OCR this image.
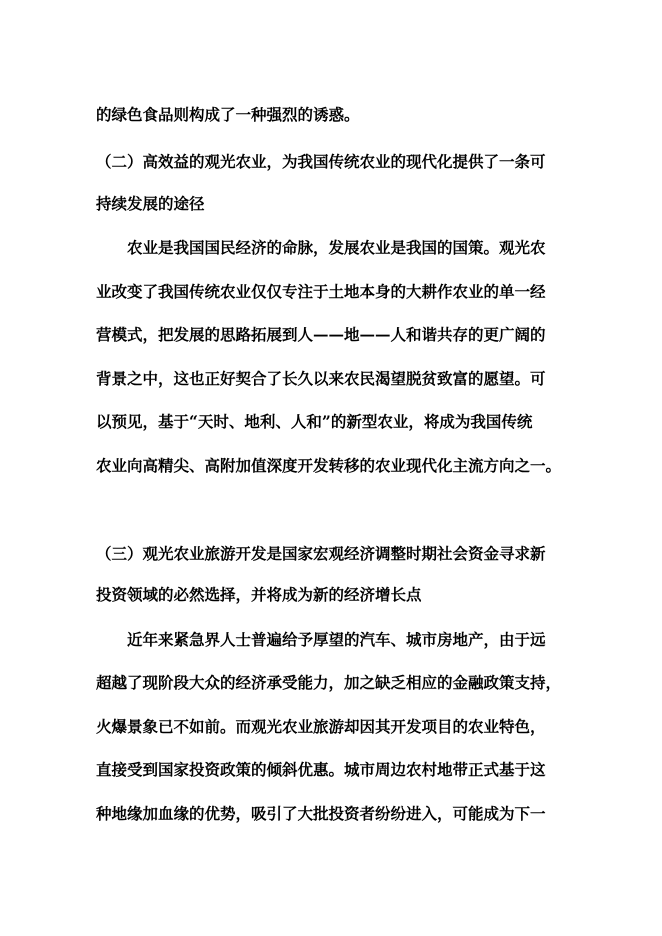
的绿色食品则构成了一种强烈的诱惑。
（二）高效益的观光农业，为我国传统农业的现代化提供了一条可
持续发展的途径
　　农业是我国国民经济的命脉，发展农业是我国的国策。观光农
业改变了我国传统农业仅仅专注于土地本身的大耕作农业的单一经
营模式，把发展的思路拓展到人——地——人和谐共存的更广阔的
背景之中，这也正好契合了长久以来农民渴望脱贫致富的愿望。可
以预见，基于“天时、地利、人和”的新型农业，将成为我国传统
农业向高精尖、高附加值深度开发转移的农业现代化主流方向之一。
（三）观光农业旅游开发是国家宏观经济调整时期社会资金寻求新
投资领域的必然选择，并将成为新的经济增长点
　　近年来紧急界人士普遍给予厚望的汽车、城市房地产，由于远
超越了现阶段大众的经济承受能力，加之缺乏相应的金融政策支持，
火爆景象已不如前。而观光农业旅游却因其开发项目的农业特色，
直接受到国家投资政策的倾斜优惠。城市周边农村地带正式基于这
种地缘加血缘的优势，吸引了大批投资者纷纷进入，可能成为下一
